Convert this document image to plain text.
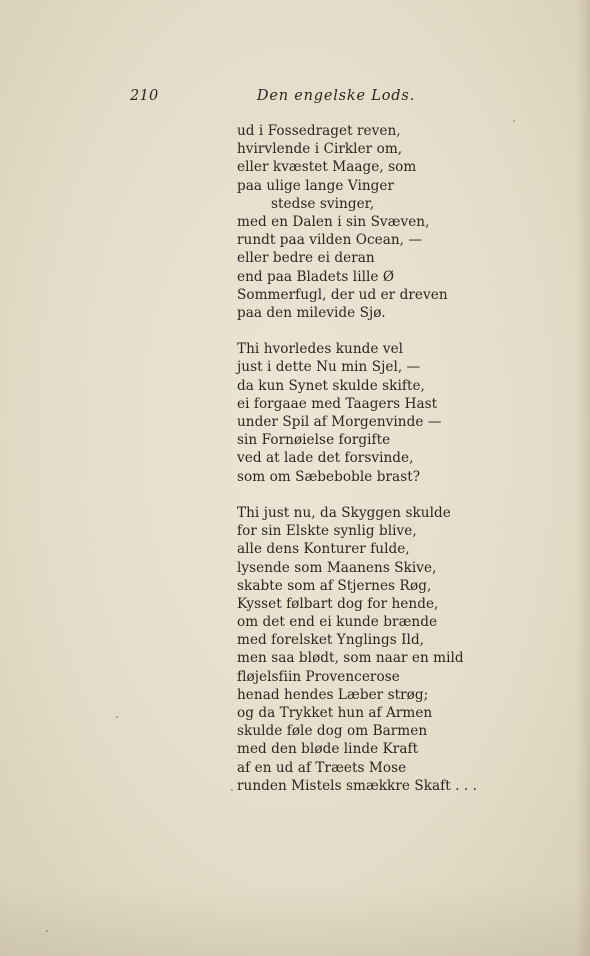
210	Den engelske Lods.
ud i Fossedraget reven,
hvirvlende i Cirkler om,
eller kvæstet Maage, som
paa ulige lange Vinger
stedse svinger,
med en Dalen i sin Svæven,
rundt paa vilden Ocean, —
eller bedre ei deran
end paa Bladets lille Ø
Sommerfugl, der ud er dreven
paa den milevide Sjø.
Thi hvorledes kunde vel
just i dette Nu min Sjel, —
da kun Synet skulde skifte,
ei forgaae med Taagers Hast
under Spil af Morgenvinde —
sin Fornøielse forgifte
ved at lade det forsvinde,
som om Sæbeboble brast?
Thi just nu, da Skyggen skulde
for sin Elskte synlig blive,
alle dens Konturer fulde,
lysende som Maanens Skive,
skabte som af Stjernes Røg,
Kysset følbart dog for hende,
om det end ei kunde brænde
med forelsket Ynglings Ild,
men saa blødt, som naar en mild
fløjelsfiin Provencerose
henad hendes Læber strøg;
og da Trykket hun af Armen
skulde føle dog om Barmen
med den bløde linde Kraft
af en ud af Træets Mose
runden Mistels smækkre Skaft . . .
